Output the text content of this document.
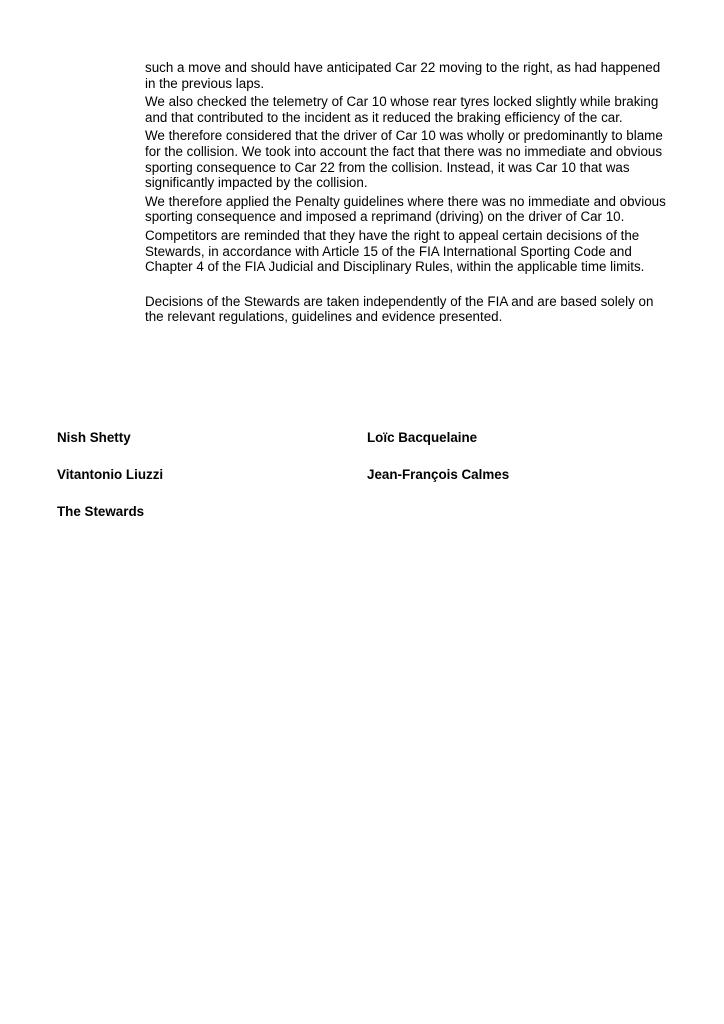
such a move and should have anticipated Car 22 moving to the right, as had happened in the previous laps.

We also checked the telemetry of Car 10 whose rear tyres locked slightly while braking and that contributed to the incident as it reduced the braking efficiency of the car.

We therefore considered that the driver of Car 10 was wholly or predominantly to blame for the collision. We took into account the fact that there was no immediate and obvious sporting consequence to Car 22 from the collision. Instead, it was Car 10 that was significantly impacted by the collision.

We therefore applied the Penalty guidelines where there was no immediate and obvious sporting consequence and imposed a reprimand (driving) on the driver of Car 10.

Competitors are reminded that they have the right to appeal certain decisions of the Stewards, in accordance with Article 15 of the FIA International Sporting Code and Chapter 4 of the FIA Judicial and Disciplinary Rules, within the applicable time limits.

Decisions of the Stewards are taken independently of the FIA and are based solely on the relevant regulations, guidelines and evidence presented.

Nish Shetty	Loïc Bacquelaine
Vitantonio Liuzzi	Jean-François Calmes
The Stewards
